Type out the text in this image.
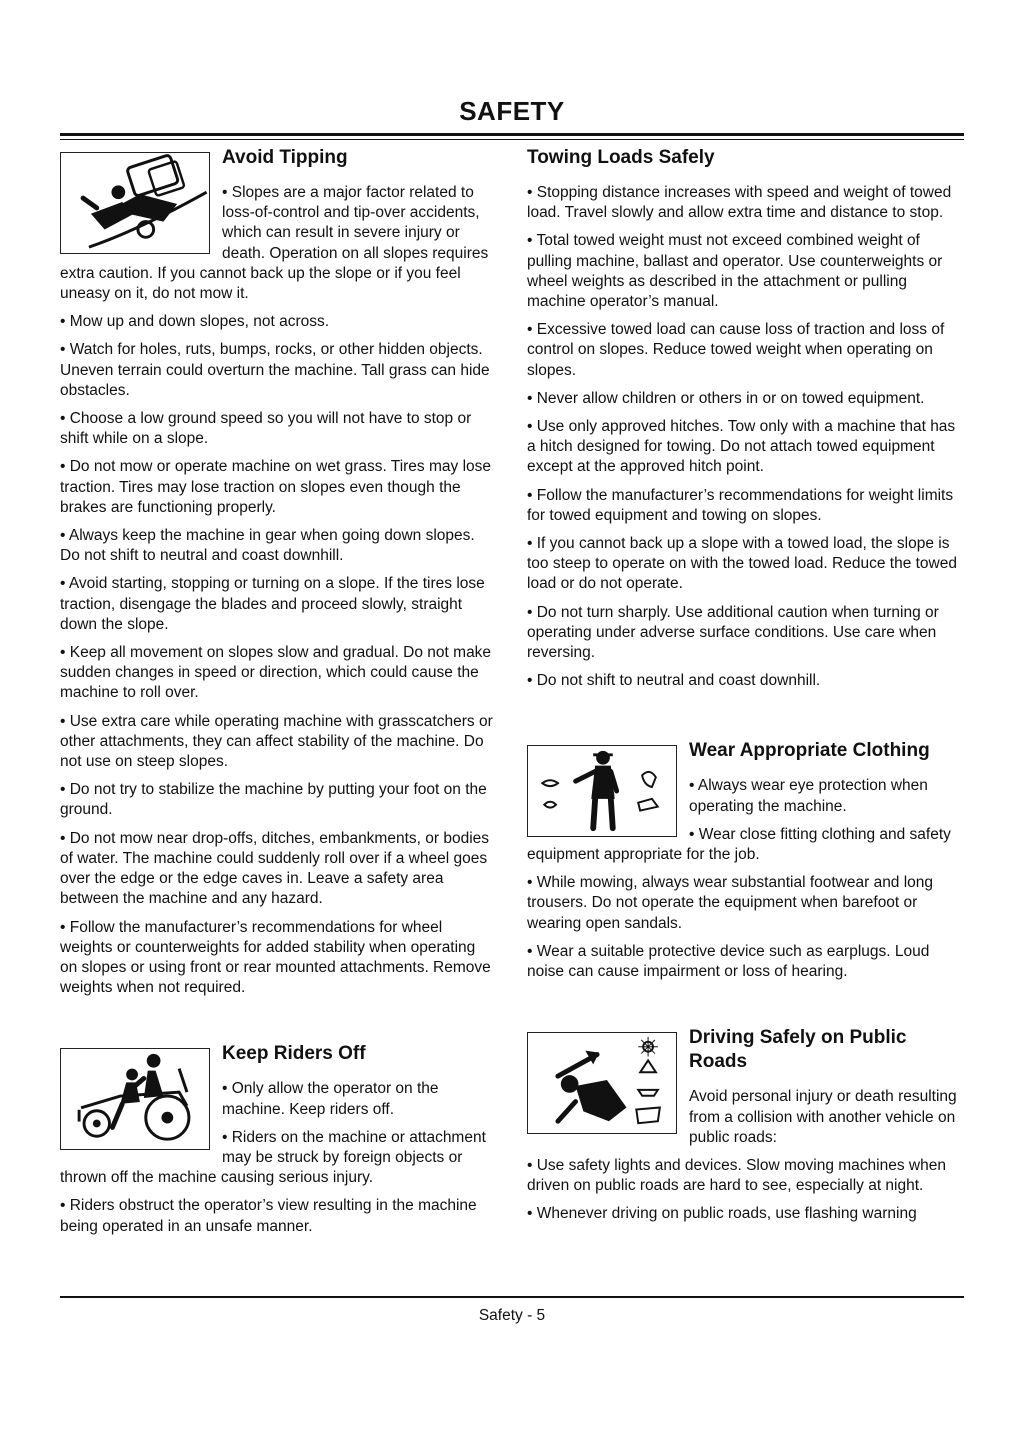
SAFETY
Avoid Tipping

• Slopes are a major factor related to loss-of-control and tip-over accidents, which can result in severe injury or death. Operation on all slopes requires extra caution. If you cannot back up the slope or if you feel uneasy on it, do not mow it.

• Mow up and down slopes, not across.

• Watch for holes, ruts, bumps, rocks, or other hidden objects. Uneven terrain could overturn the machine. Tall grass can hide obstacles.

• Choose a low ground speed so you will not have to stop or shift while on a slope.

• Do not mow or operate machine on wet grass. Tires may lose traction. Tires may lose traction on slopes even though the brakes are functioning properly.

• Always keep the machine in gear when going down slopes. Do not shift to neutral and coast downhill.

• Avoid starting, stopping or turning on a slope. If the tires lose traction, disengage the blades and proceed slowly, straight down the slope.

• Keep all movement on slopes slow and gradual. Do not make sudden changes in speed or direction, which could cause the machine to roll over.

• Use extra care while operating machine with grasscatchers or other attachments, they can affect stability of the machine. Do not use on steep slopes.

• Do not try to stabilize the machine by putting your foot on the ground.

• Do not mow near drop-offs, ditches, embankments, or bodies of water. The machine could suddenly roll over if a wheel goes over the edge or the edge caves in. Leave a safety area between the machine and any hazard.

• Follow the manufacturer’s recommendations for wheel weights or counterweights for added stability when operating on slopes or using front or rear mounted attachments. Remove weights when not required.

Keep Riders Off

• Only allow the operator on the machine. Keep riders off.

• Riders on the machine or attachment may be struck by foreign objects or thrown off the machine causing serious injury.

• Riders obstruct the operator’s view resulting in the machine being operated in an unsafe manner.

Towing Loads Safely

• Stopping distance increases with speed and weight of towed load. Travel slowly and allow extra time and distance to stop.

• Total towed weight must not exceed combined weight of pulling machine, ballast and operator. Use counterweights or wheel weights as described in the attachment or pulling machine operator’s manual.

• Excessive towed load can cause loss of traction and loss of control on slopes. Reduce towed weight when operating on slopes.

• Never allow children or others in or on towed equipment.

• Use only approved hitches. Tow only with a machine that has a hitch designed for towing. Do not attach towed equipment except at the approved hitch point.

• Follow the manufacturer’s recommendations for weight limits for towed equipment and towing on slopes.

• If you cannot back up a slope with a towed load, the slope is too steep to operate on with the towed load. Reduce the towed load or do not operate.

• Do not turn sharply. Use additional caution when turning or operating under adverse surface conditions. Use care when reversing.

• Do not shift to neutral and coast downhill.

Wear Appropriate Clothing

• Always wear eye protection when operating the machine.

• Wear close fitting clothing and safety equipment appropriate for the job.

• While mowing, always wear substantial footwear and long trousers. Do not operate the equipment when barefoot or wearing open sandals.

• Wear a suitable protective device such as earplugs. Loud noise can cause impairment or loss of hearing.

Driving Safely on Public Roads

Avoid personal injury or death resulting from a collision with another vehicle on public roads:

• Use safety lights and devices. Slow moving machines when driven on public roads are hard to see, especially at night.

• Whenever driving on public roads, use flashing warning

Safety - 5
